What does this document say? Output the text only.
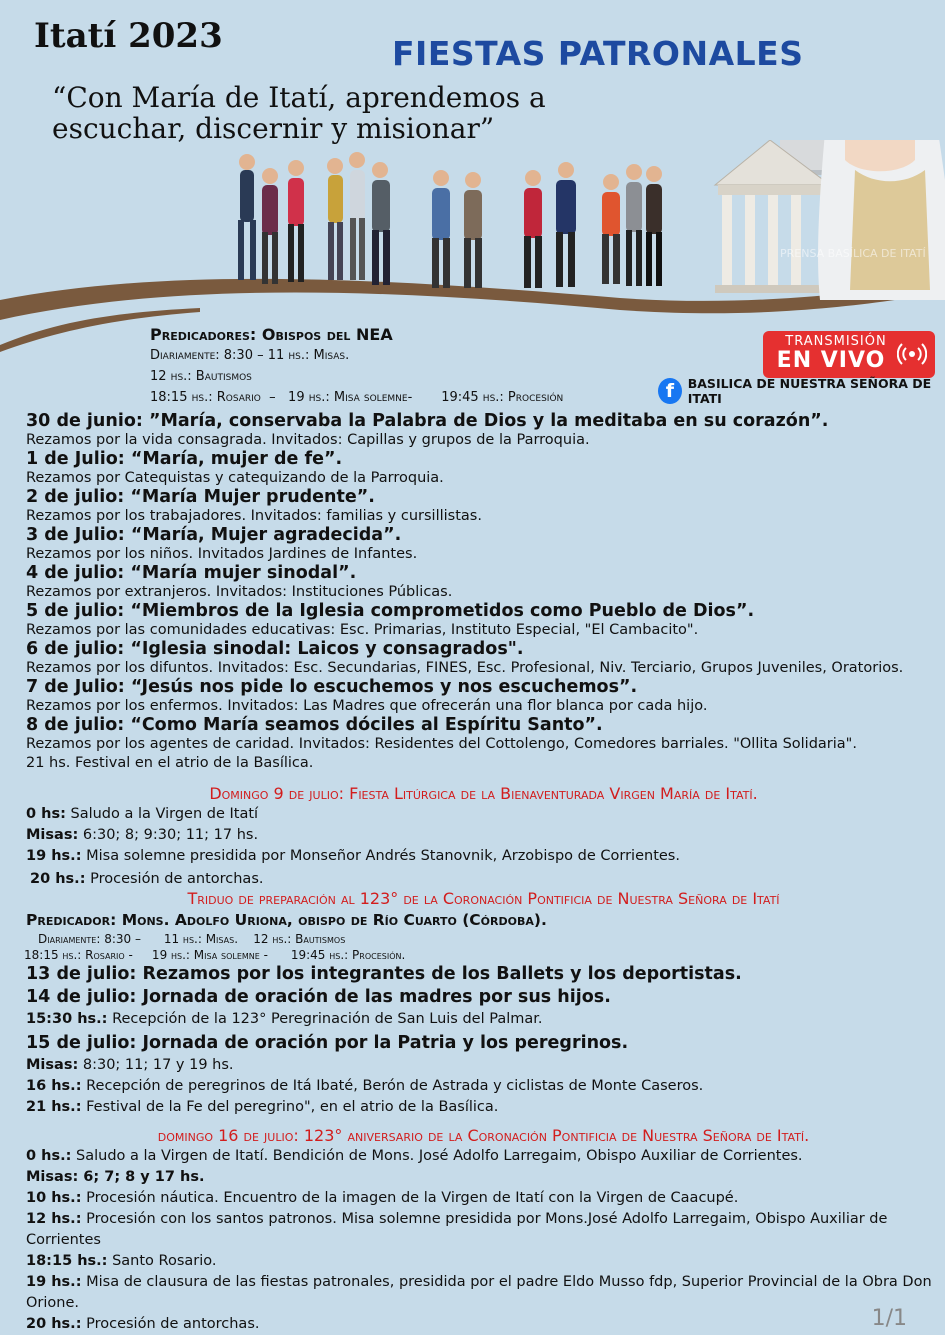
Itatí 2023	FIESTAS PATRONALES
“Con María de Itatí, aprendemos a
escuchar, discernir y misionar”
PRENSA BASÍLICA DE ITATÍ
Predicadores: Obispos del NEA
Diariamente: 8:30 – 11 hs.: Misas.
12 hs.: Bautismos
18:15 hs.: Rosario  –   19 hs.: Misa solemne- 19:45 hs.: Procesión
TRANSMISIÓN
EN VIVO
f	BASILICA DE NUESTRA SEÑORA DE ITATI
30 de junio: ”María, conservaba la Palabra de Dios y la meditaba en su corazón”.
Rezamos por la vida consagrada. Invitados: Capillas y grupos de la Parroquia.
1 de Julio: “María, mujer de fe”.
Rezamos por Catequistas y catequizando de la Parroquia.
2 de julio: “María Mujer prudente”.
Rezamos por los trabajadores. Invitados: familias y cursillistas.
3 de Julio: “María, Mujer agradecida”.
Rezamos por los niños. Invitados Jardines de Infantes.
4 de julio: “María mujer sinodal”.
Rezamos por extranjeros. Invitados: Instituciones Públicas.
5 de julio: “Miembros de la Iglesia comprometidos como Pueblo de Dios”.
Rezamos por las comunidades educativas: Esc. Primarias, Instituto Especial, "El Cambacito".
6 de julio: “Iglesia sinodal: Laicos y consagrados".
Rezamos por los difuntos. Invitados: Esc. Secundarias, FINES, Esc. Profesional, Niv. Terciario, Grupos Juveniles, Oratorios.
7 de Julio: “Jesús nos pide lo escuchemos y nos escuchemos”.
Rezamos por los enfermos. Invitados: Las Madres que ofrecerán una flor blanca por cada hijo.
8 de julio: “Como María seamos dóciles al Espíritu Santo”.
Rezamos por los agentes de caridad. Invitados: Residentes del Cottolengo, Comedores barriales. "Ollita Solidaria".
21 hs. Festival en el atrio de la Basílica.
Domingo 9 de julio: Fiesta Litúrgica de la Bienaventurada Virgen María de Itatí.
0 hs: Saludo a la Virgen de Itatí
Misas: 6:30; 8; 9:30; 11; 17 hs.
19 hs.: Misa solemne presidida por Monseñor Andrés Stanovnik, Arzobispo de Corrientes.
20 hs.: Procesión de antorchas.
Triduo de preparación al 123° de la Coronación Pontificia de Nuestra Señora de Itatí
Predicador: Mons. Adolfo Uriona, obispo de Río Cuarto (Córdoba).
Diariamente: 8:30 –      11 hs.: Misas.    12 hs.: Bautismos
18:15 hs.: Rosario -     19 hs.: Misa solemne -      19:45 hs.: Procesión.
13 de julio: Rezamos por los integrantes de los Ballets y los deportistas.
14 de julio: Jornada de oración de las madres por sus hijos.
15:30 hs.: Recepción de la 123° Peregrinación de San Luis del Palmar.
15 de julio: Jornada de oración por la Patria y los peregrinos.
Misas: 8:30; 11; 17 y 19 hs.
16 hs.: Recepción de peregrinos de Itá Ibaté, Berón de Astrada y ciclistas de Monte Caseros.
21 hs.: Festival de la Fe del peregrino", en el atrio de la Basílica.
domingo 16 de julio: 123° aniversario de la Coronación Pontificia de Nuestra Señora de Itatí.
0 hs.: Saludo a la Virgen de Itatí. Bendición de Mons. José Adolfo Larregaim, Obispo Auxiliar de Corrientes.
Misas: 6; 7; 8 y 17 hs.
10 hs.: Procesión náutica. Encuentro de la imagen de la Virgen de Itatí con la Virgen de Caacupé.
12 hs.: Procesión con los santos patronos. Misa solemne presidida por Mons.José Adolfo Larregaim, Obispo Auxiliar de Corrientes
18:15 hs.: Santo Rosario.
19 hs.: Misa de clausura de las fiestas patronales, presidida por el padre Eldo Musso fdp, Superior Provincial de la Obra Don Orione.
20 hs.: Procesión de antorchas.	1/1
